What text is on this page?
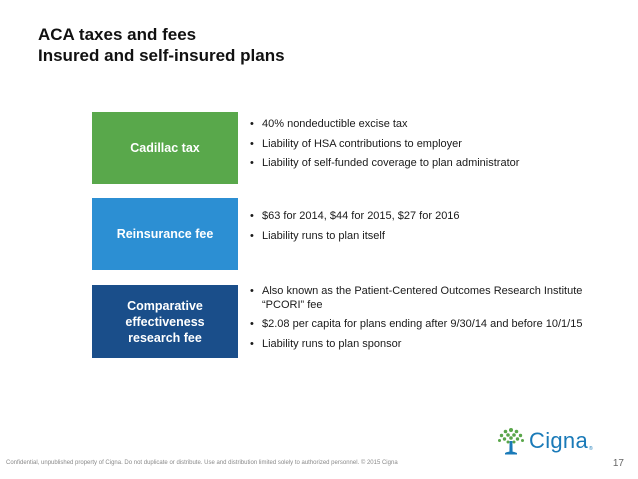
ACA taxes and fees
Insured and self-insured plans
Cadillac tax
• 40% nondeductible excise tax
• Liability of HSA contributions to employer
• Liability of self-funded coverage to plan administrator
Reinsurance fee
• $63 for 2014, $44 for 2015, $27 for 2016
• Liability runs to plan itself
Comparative effectiveness research fee
• Also known as the Patient-Centered Outcomes Research Institute “PCORI” fee
• $2.08 per capita for plans ending after 9/30/14 and before 10/1/15
• Liability runs to plan sponsor
Cigna ®
Confidential, unpublished property of Cigna. Do not duplicate or distribute. Use and distribution limited solely to authorized personnel. © 2015 Cigna	17
